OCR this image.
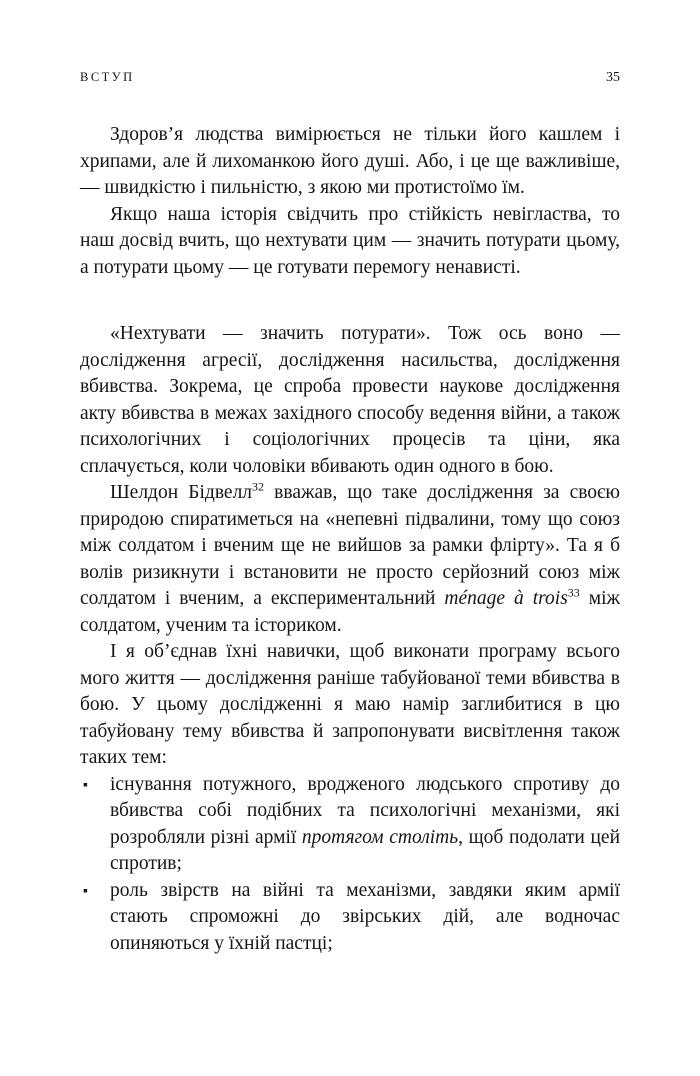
ВСТУП	35

Здоров’я людства вимірюється не тільки його кашлем і хрипами, але й лихоманкою його душі. Або, і це ще важливіше, — швидкістю і пильністю, з якою ми протистоїмо їм.

Якщо наша історія свідчить про стійкість невігластва, то наш досвід вчить, що нехтувати цим — значить потурати цьому, а потурати цьому — це готувати перемогу ненависті.

«Нехтувати — значить потурати». Тож ось воно — дослідження агресії, дослідження насильства, дослідження вбивства. Зокрема, це спроба провести наукове дослідження акту вбивства в межах західного способу ведення війни, а також психологічних і соціологічних процесів та ціни, яка сплачується, коли чоловіки вбивають один одного в бою.

Шелдон Бідвелл$^{32}$ вважав, що таке дослідження за своєю природою спиратиметься на «непевні підвалини, тому що союз між солдатом і вченим ще не вийшов за рамки флірту». Та я б волів ризикнути і встановити не просто серйозний союз між солдатом і вченим, а експериментальний ménage à trois$^{33}$ між солдатом, ученим та істориком.

І я об’єднав їхні навички, щоб виконати програму всього мого життя — дослідження раніше табуйованої теми вбивства в бою. У цьому дослідженні я маю намір заглибитися в цю табуйовану тему вбивства й запропонувати висвітлення також таких тем:

▪ існування потужного, вродженого людського спротиву до вбивства собі подібних та психологічні механізми, які розробляли різні армії протягом століть, щоб подолати цей спротив;
▪ роль звірств на війні та механізми, завдяки яким армії стають спроможні до звірських дій, але водночас опиняються у їхній пастці;
